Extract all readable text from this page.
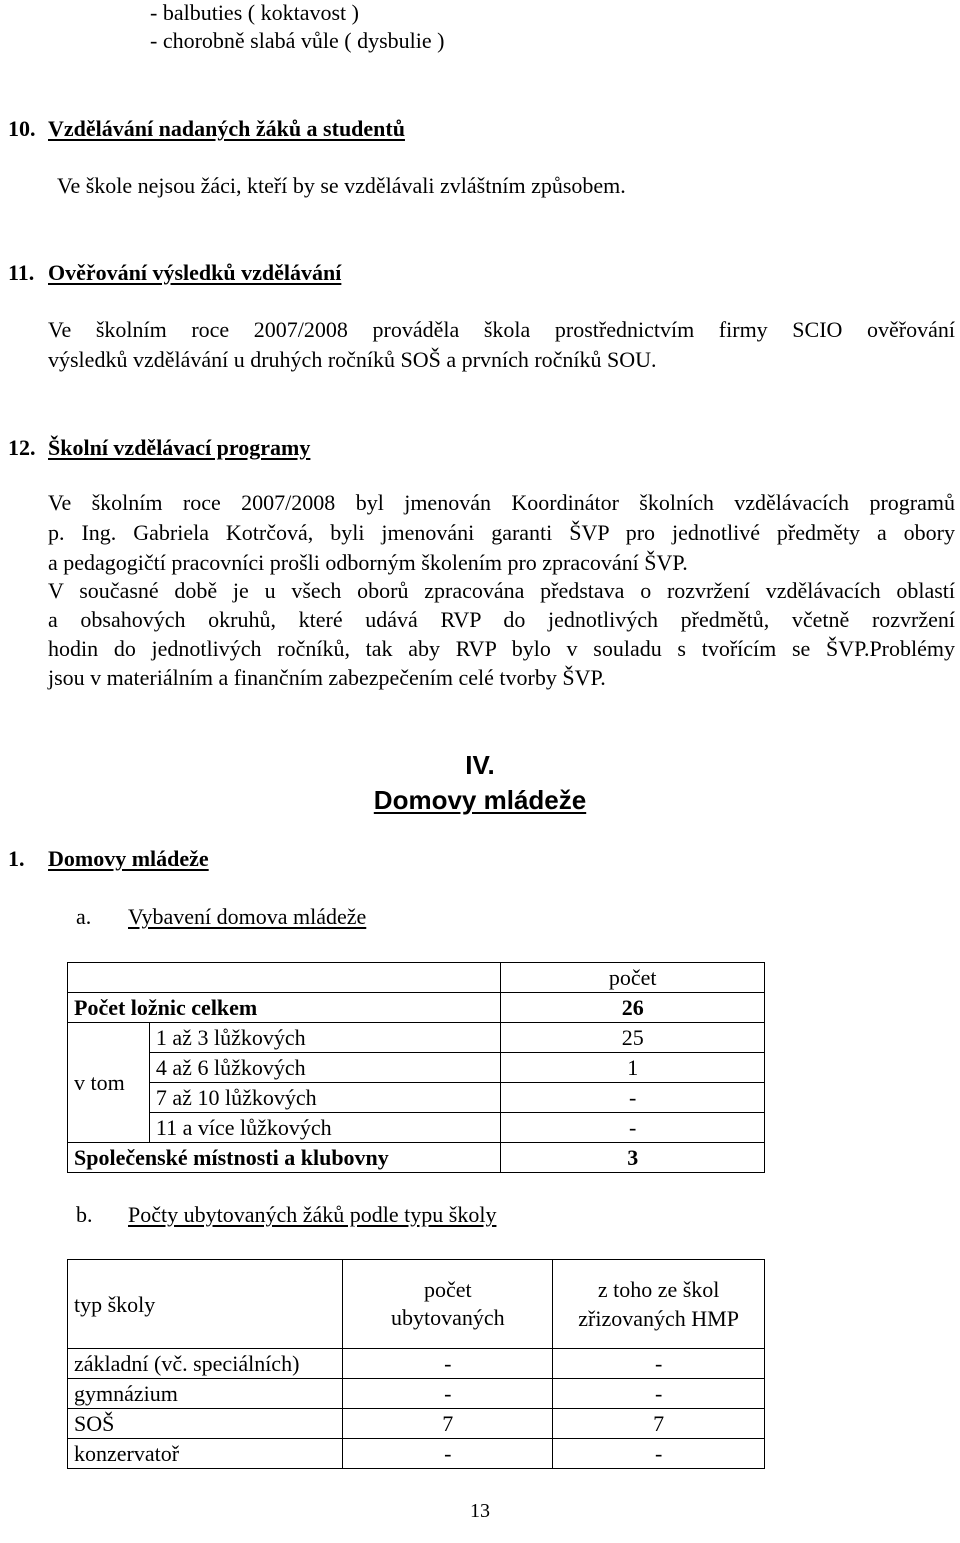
- balbuties ( koktavost )
- chorobně slabá vůle ( dysbulie )
10. Vzdělávání nadaných žáků a studentů
Ve škole nejsou žáci, kteří by se vzdělávali zvláštním způsobem.
11. Ověřování výsledků vzdělávání
Ve školním roce 2007/2008 prováděla škola prostřednictvím firmy SCIO ověřování
výsledků vzdělávání u druhých ročníků SOŠ a prvních ročníků SOU.
12. Školní vzdělávací programy
Ve školním roce 2007/2008 byl jmenován Koordinátor školních vzdělávacích programů
p. Ing. Gabriela Kotrčová, byli jmenováni garanti ŠVP pro jednotlivé předměty a obory
a pedagogičtí pracovníci prošli odborným školením pro zpracování ŠVP.
V současné době je u všech oborů zpracována představa o rozvržení vzdělávacích oblastí
a obsahových okruhů, které udává RVP do jednotlivých předmětů, včetně rozvržení
hodin do jednotlivých ročníků, tak aby RVP bylo v souladu s tvořícím se ŠVP.Problémy
jsou v materiálním a finančním zabezpečením celé tvorby ŠVP.
IV.
Domovy mládeže
1. Domovy mládeže
a. Vybavení domova mládeže
		počet
Počet ložnic celkem		26
v tom	1 až 3 lůžkových	25
	4 až 6 lůžkových	1
	7 až 10 lůžkových	-
	11 a více lůžkových	-
Společenské místnosti a klubovny		3
b. Počty ubytovaných žáků podle typu školy
typ školy	počet ubytovaných	z toho ze škol zřizovaných HMP
základní (vč. speciálních)	-	-
gymnázium	-	-
SOŠ	7	7
konzervatoř	-	-
13
